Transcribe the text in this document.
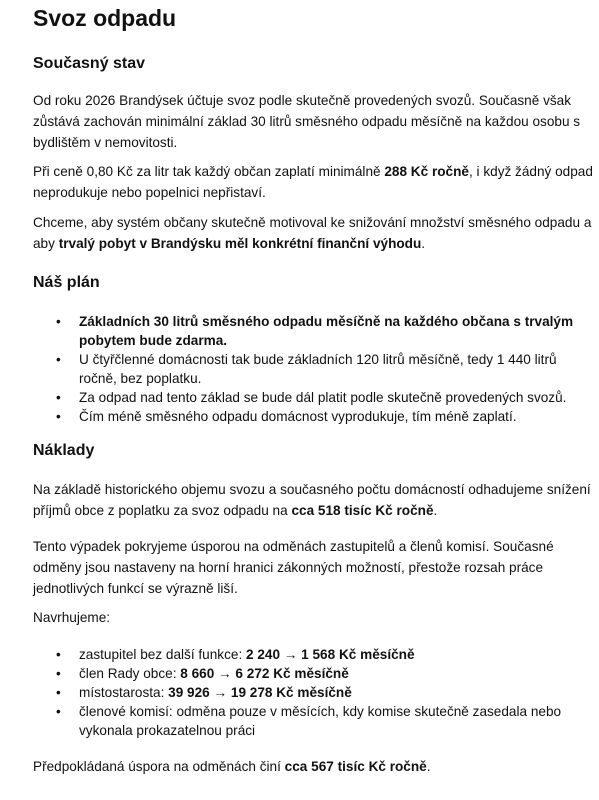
Svoz odpadu
Současný stav

Od roku 2026 Brandýsek účtuje svoz podle skutečně provedených svozů. Současně však
zůstává zachován minimální základ 30 litrů směsného odpadu měsíčně na každou osobu s
bydlištěm v nemovitosti.

Při ceně 0,80 Kč za litr tak každý občan zaplatí minimálně 288 Kč ročně, i když žádný odpad
neprodukuje nebo popelnici nepřistaví.

Chceme, aby systém občany skutečně motivoval ke snižování množství směsného odpadu a
aby trvalý pobyt v Brandýsku měl konkrétní finanční výhodu.

Náš plán
• Základních 30 litrů směsného odpadu měsíčně na každého občana s trvalým
pobytem bude zdarma.
• U čtyřčlenné domácnosti tak bude základních 120 litrů měsíčně, tedy 1 440 litrů
ročně, bez poplatku.
• Za odpad nad tento základ se bude dál platit podle skutečně provedených svozů.
• Čím méně směsného odpadu domácnost vyprodukuje, tím méně zaplatí.
Náklady

Na základě historického objemu svozu a současného počtu domácností odhadujeme snížení
příjmů obce z poplatku za svoz odpadu na cca 518 tisíc Kč ročně.

Tento výpadek pokryjeme úsporou na odměnách zastupitelů a členů komisí. Současné
odměny jsou nastaveny na horní hranici zákonných možností, přestože rozsah práce
jednotlivých funkcí se výrazně liší.

Navrhujeme:

• zastupitel bez další funkce: 2 240 → 1 568 Kč měsíčně
• člen Rady obce: 8 660 → 6 272 Kč měsíčně
• místostarosta: 39 926 → 19 278 Kč měsíčně
• členové komisí: odměna pouze v měsících, kdy komise skutečně zasedala nebo
vykonala prokazatelnou práci

Předpokládaná úspora na odměnách činí cca 567 tisíc Kč ročně.
